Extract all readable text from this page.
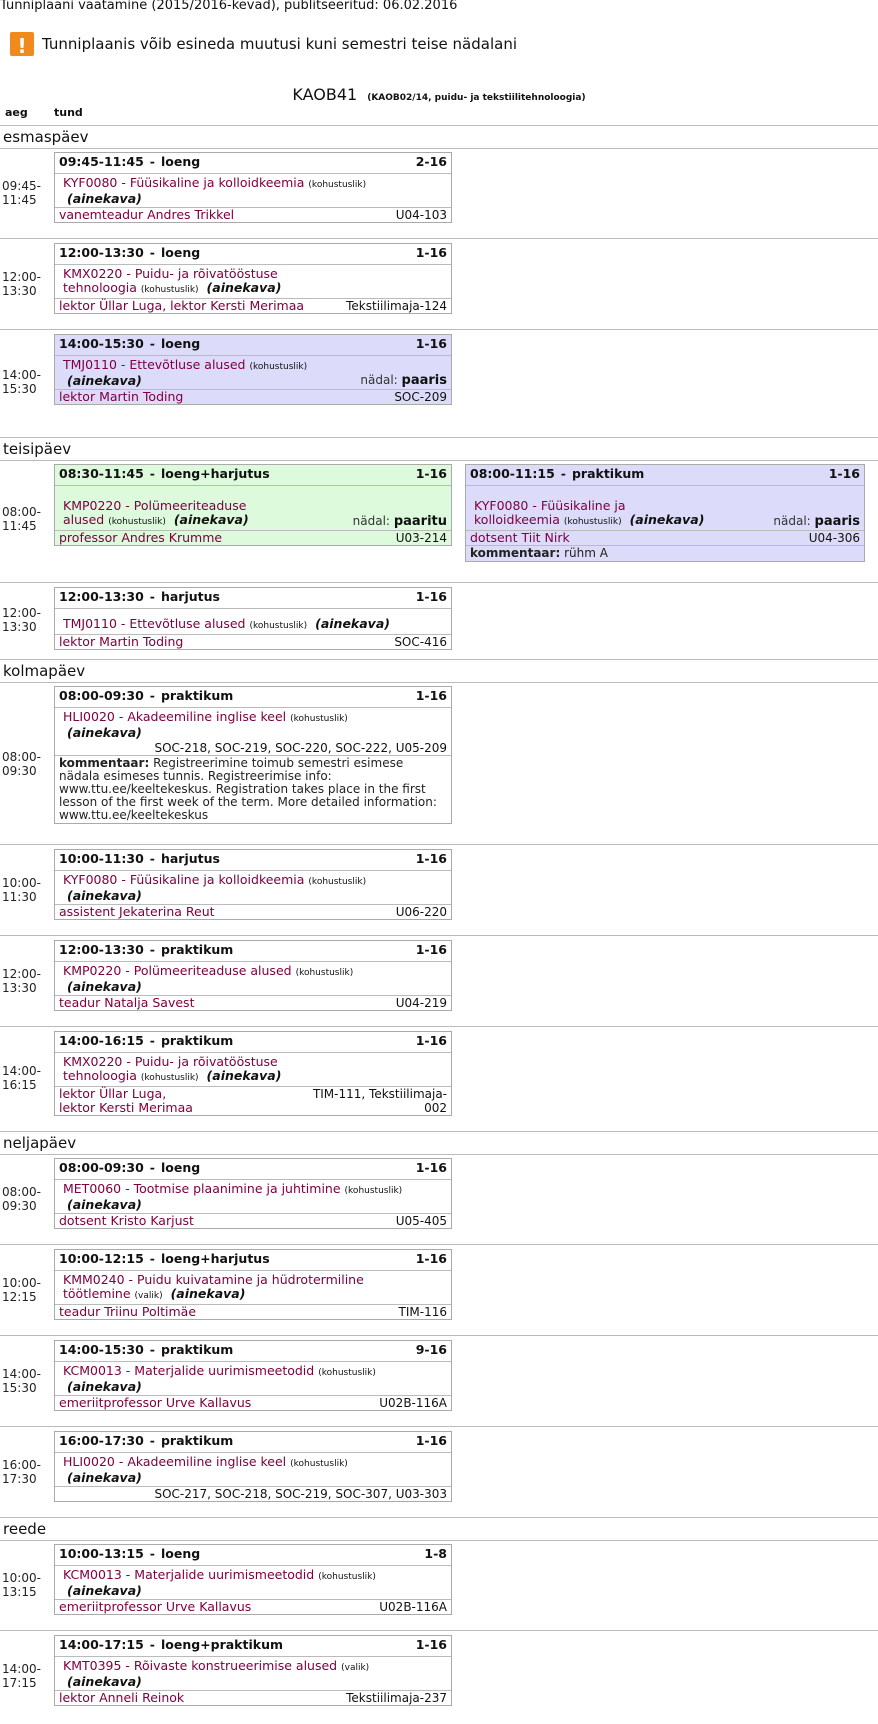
Tunniplaani vaatamine (2015/2016-kevad), publitseeritud: 06.02.2016
!	Tunniplaanis võib esineda muutusi kuni semestri teise nädalani
KAOB41 (KAOB02/14, puidu- ja tekstiilitehnoloogia)
aeg tund
esmaspäev
09:45-11:45
09:45-11:45 - loeng	2-16
KYF0080 - Füüsikaline ja kolloidkeemia (kohustuslik)
(ainekava)
vanemteadur Andres Trikkel	U04-103
12:00-13:30
12:00-13:30 - loeng	1-16
KMX0220 - Puidu- ja rõivatööstuse
tehnoloogia (kohustuslik) (ainekava)
lektor Üllar Luga, lektor Kersti Merimaa	Tekstiilimaja-124
14:00-15:30
14:00-15:30 - loeng	1-16
TMJ0110 - Ettevõtluse alused (kohustuslik)
(ainekava)	nädal: paaris
lektor Martin Toding	SOC-209
teisipäev
08:00-11:45
08:30-11:45 - loeng+harjutus	1-16
KMP0220 - Polümeeriteaduse
alused (kohustuslik) (ainekava)	nädal: paaritu
professor Andres Krumme	U03-214
08:00-11:15 - praktikum	1-16
KYF0080 - Füüsikaline ja
kolloidkeemia (kohustuslik) (ainekava)	nädal: paaris
dotsent Tiit Nirk	U04-306
kommentaar: rühm A
12:00-13:30
12:00-13:30 - harjutus	1-16
TMJ0110 - Ettevõtluse alused (kohustuslik) (ainekava)
lektor Martin Toding	SOC-416
kolmapäev
08:00-09:30
08:00-09:30 - praktikum	1-16
HLI0020 - Akadeemiline inglise keel (kohustuslik)
(ainekava)
SOC-218, SOC-219, SOC-220, SOC-222, U05-209
kommentaar: Registreerimine toimub semestri esimese nädala esimeses tunnis. Registreerimise info: www.ttu.ee/keeltekeskus. Registration takes place in the first lesson of the first week of the term. More detailed information: www.ttu.ee/keeltekeskus
10:00-11:30
10:00-11:30 - harjutus	1-16
KYF0080 - Füüsikaline ja kolloidkeemia (kohustuslik)
(ainekava)
assistent Jekaterina Reut	U06-220
12:00-13:30
12:00-13:30 - praktikum	1-16
KMP0220 - Polümeeriteaduse alused (kohustuslik)
(ainekava)
teadur Natalja Savest	U04-219
14:00-16:15
14:00-16:15 - praktikum	1-16
KMX0220 - Puidu- ja rõivatööstuse
tehnoloogia (kohustuslik) (ainekava)
lektor Üllar Luga,
lektor Kersti Merimaa
TIM-111, Tekstiilimaja-
002
neljapäev
08:00-09:30
08:00-09:30 - loeng	1-16
MET0060 - Tootmise plaanimine ja juhtimine (kohustuslik)
(ainekava)
dotsent Kristo Karjust	U05-405
10:00-12:15
10:00-12:15 - loeng+harjutus	1-16
KMM0240 - Puidu kuivatamine ja hüdrotermiline
töötlemine (valik) (ainekava)
teadur Triinu Poltimäe	TIM-116
14:00-15:30
14:00-15:30 - praktikum	9-16
KCM0013 - Materjalide uurimismeetodid (kohustuslik)
(ainekava)
emeriitprofessor Urve Kallavus	U02B-116A
16:00-17:30
16:00-17:30 - praktikum	1-16
HLI0020 - Akadeemiline inglise keel (kohustuslik)
(ainekava)
SOC-217, SOC-218, SOC-219, SOC-307, U03-303
reede
10:00-13:15
10:00-13:15 - loeng	1-8
KCM0013 - Materjalide uurimismeetodid (kohustuslik)
(ainekava)
emeriitprofessor Urve Kallavus	U02B-116A
14:00-17:15
14:00-17:15 - loeng+praktikum	1-16
KMT0395 - Rõivaste konstrueerimise alused (valik)
(ainekava)
lektor Anneli Reinok	Tekstiilimaja-237
